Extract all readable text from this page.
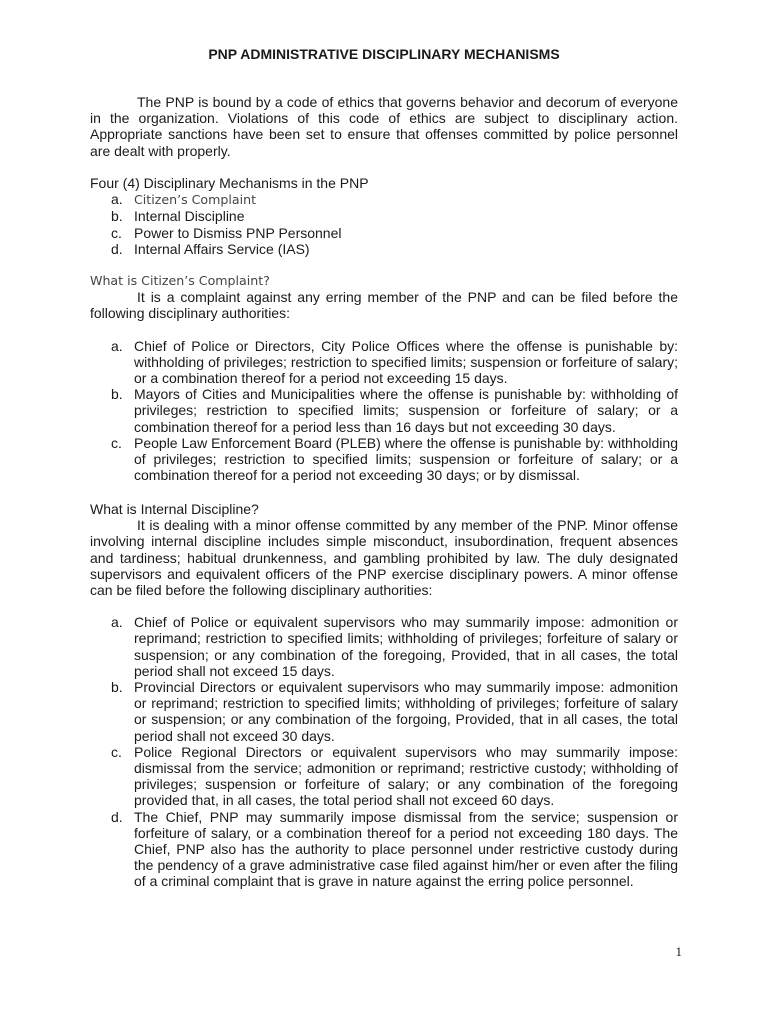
PNP ADMINISTRATIVE DISCIPLINARY MECHANISMS

The PNP is bound by a code of ethics that governs behavior and decorum of everyone in the organization. Violations of this code of ethics are subject to disciplinary action. Appropriate sanctions have been set to ensure that offenses committed by police personnel are dealt with properly.

Four (4) Disciplinary Mechanisms in the PNP
a. Citizen’s Complaint
b. Internal Discipline
c. Power to Dismiss PNP Personnel
d. Internal Affairs Service (IAS)
What is Citizen’s Complaint?

It is a complaint against any erring member of the PNP and can be filed before the following disciplinary authorities:

a. Chief of Police or Directors, City Police Offices where the offense is punishable by: withholding of privileges; restriction to specified limits; suspension or forfeiture of salary; or a combination thereof for a period not exceeding 15 days.
b. Mayors of Cities and Municipalities where the offense is punishable by: withholding of privileges; restriction to specified limits; suspension or forfeiture of salary; or a combination thereof for a period less than 16 days but not exceeding 30 days.
c. People Law Enforcement Board (PLEB) where the offense is punishable by: withholding of privileges; restriction to specified limits; suspension or forfeiture of salary; or a combination thereof for a period not exceeding 30 days; or by dismissal.
What is Internal Discipline?

It is dealing with a minor offense committed by any member of the PNP. Minor offense involving internal discipline includes simple misconduct, insubordination, frequent absences and tardiness; habitual drunkenness, and gambling prohibited by law. The duly designated supervisors and equivalent officers of the PNP exercise disciplinary powers. A minor offense can be filed before the following disciplinary authorities:

a. Chief of Police or equivalent supervisors who may summarily impose: admonition or reprimand; restriction to specified limits; withholding of privileges; forfeiture of salary or suspension; or any combination of the foregoing, Provided, that in all cases, the total period shall not exceed 15 days.
b. Provincial Directors or equivalent supervisors who may summarily impose: admonition or reprimand; restriction to specified limits; withholding of privileges; forfeiture of salary or suspension; or any combination of the forgoing, Provided, that in all cases, the total period shall not exceed 30 days.
c. Police Regional Directors or equivalent supervisors who may summarily impose: dismissal from the service; admonition or reprimand; restrictive custody; withholding of privileges; suspension or forfeiture of salary; or any combination of the foregoing provided that, in all cases, the total period shall not exceed 60 days.
d. The Chief, PNP may summarily impose dismissal from the service; suspension or forfeiture of salary, or a combination thereof for a period not exceeding 180 days. The Chief, PNP also has the authority to place personnel under restrictive custody during the pendency of a grave administrative case filed against him/her or even after the filing of a criminal complaint that is grave in nature against the erring police personnel.
1
